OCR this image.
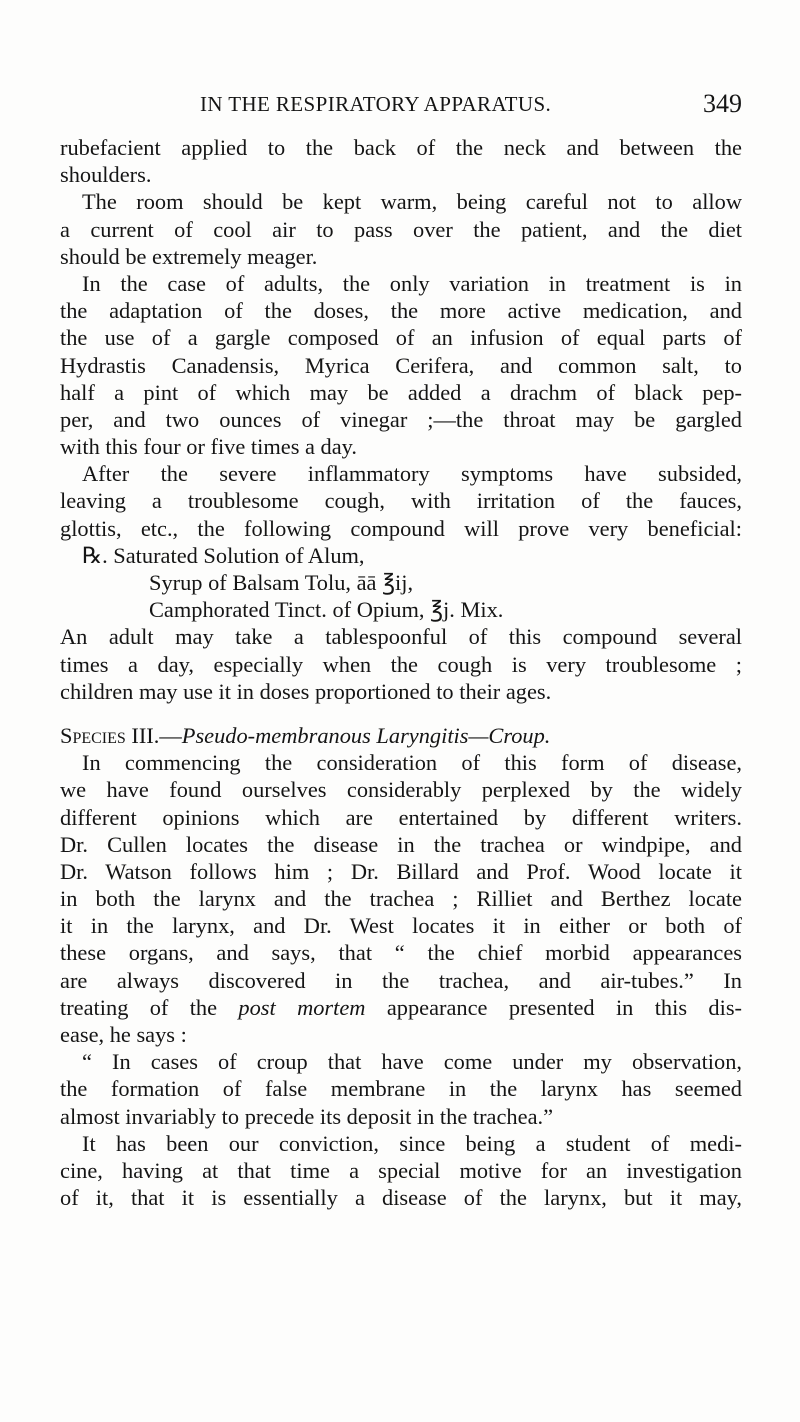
IN THE RESPIRATORY APPARATUS.	349
rubefacient applied to the back of the neck and between the
shoulders.
The room should be kept warm, being careful not to allow
a current of cool air to pass over the patient, and the diet
should be extremely meager.
In the case of adults, the only variation in treatment is in
the adaptation of the doses, the more active medication, and
the use of a gargle composed of an infusion of equal parts of
Hydrastis Canadensis, Myrica Cerifera, and common salt, to
half a pint of which may be added a drachm of black pep-
per, and two ounces of vinegar ;—the throat may be gargled
with this four or five times a day.
After the severe inflammatory symptoms have subsided,
leaving a troublesome cough, with irritation of the fauces,
glottis, etc., the following compound will prove very beneficial:
℞. Saturated Solution of Alum,
Syrup of Balsam Tolu, āā ℥ij,
Camphorated Tinct. of Opium, ℥j. Mix.
An adult may take a tablespoonful of this compound several
times a day, especially when the cough is very troublesome ;
children may use it in doses proportioned to their ages.
Species III.—Pseudo-membranous Laryngitis—Croup.
In commencing the consideration of this form of disease,
we have found ourselves considerably perplexed by the widely
different opinions which are entertained by different writers.
Dr. Cullen locates the disease in the trachea or windpipe, and
Dr. Watson follows him ; Dr. Billard and Prof. Wood locate it
in both the larynx and the trachea ; Rilliet and Berthez locate
it in the larynx, and Dr. West locates it in either or both of
these organs, and says, that “ the chief morbid appearances
are always discovered in the trachea, and air-tubes.” In
treating of the post mortem appearance presented in this dis-
ease, he says :
“ In cases of croup that have come under my observation,
the formation of false membrane in the larynx has seemed
almost invariably to precede its deposit in the trachea.”
It has been our conviction, since being a student of medi-
cine, having at that time a special motive for an investigation
of it, that it is essentially a disease of the larynx, but it may,
